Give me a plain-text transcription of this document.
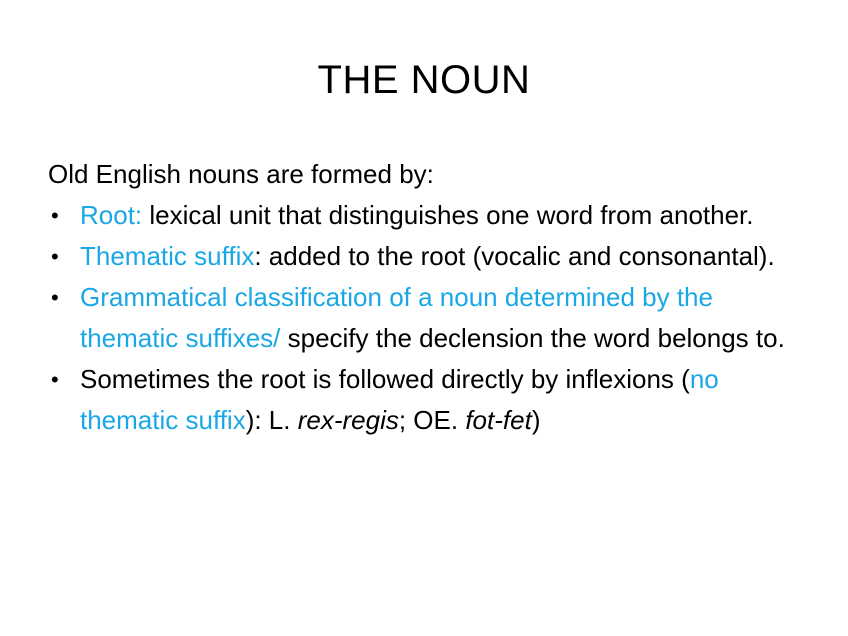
THE NOUN

Old English nouns are formed by:

• Root: lexical unit that distinguishes one word from another.
• Thematic suffix: added to the root (vocalic and consonantal).
• Grammatical classification of a noun determined by the thematic suffixes/ specify the declension the word belongs to.
• Sometimes the root is followed directly by inflexions (no thematic suffix): L. rex-regis; OE. fot-fet)
